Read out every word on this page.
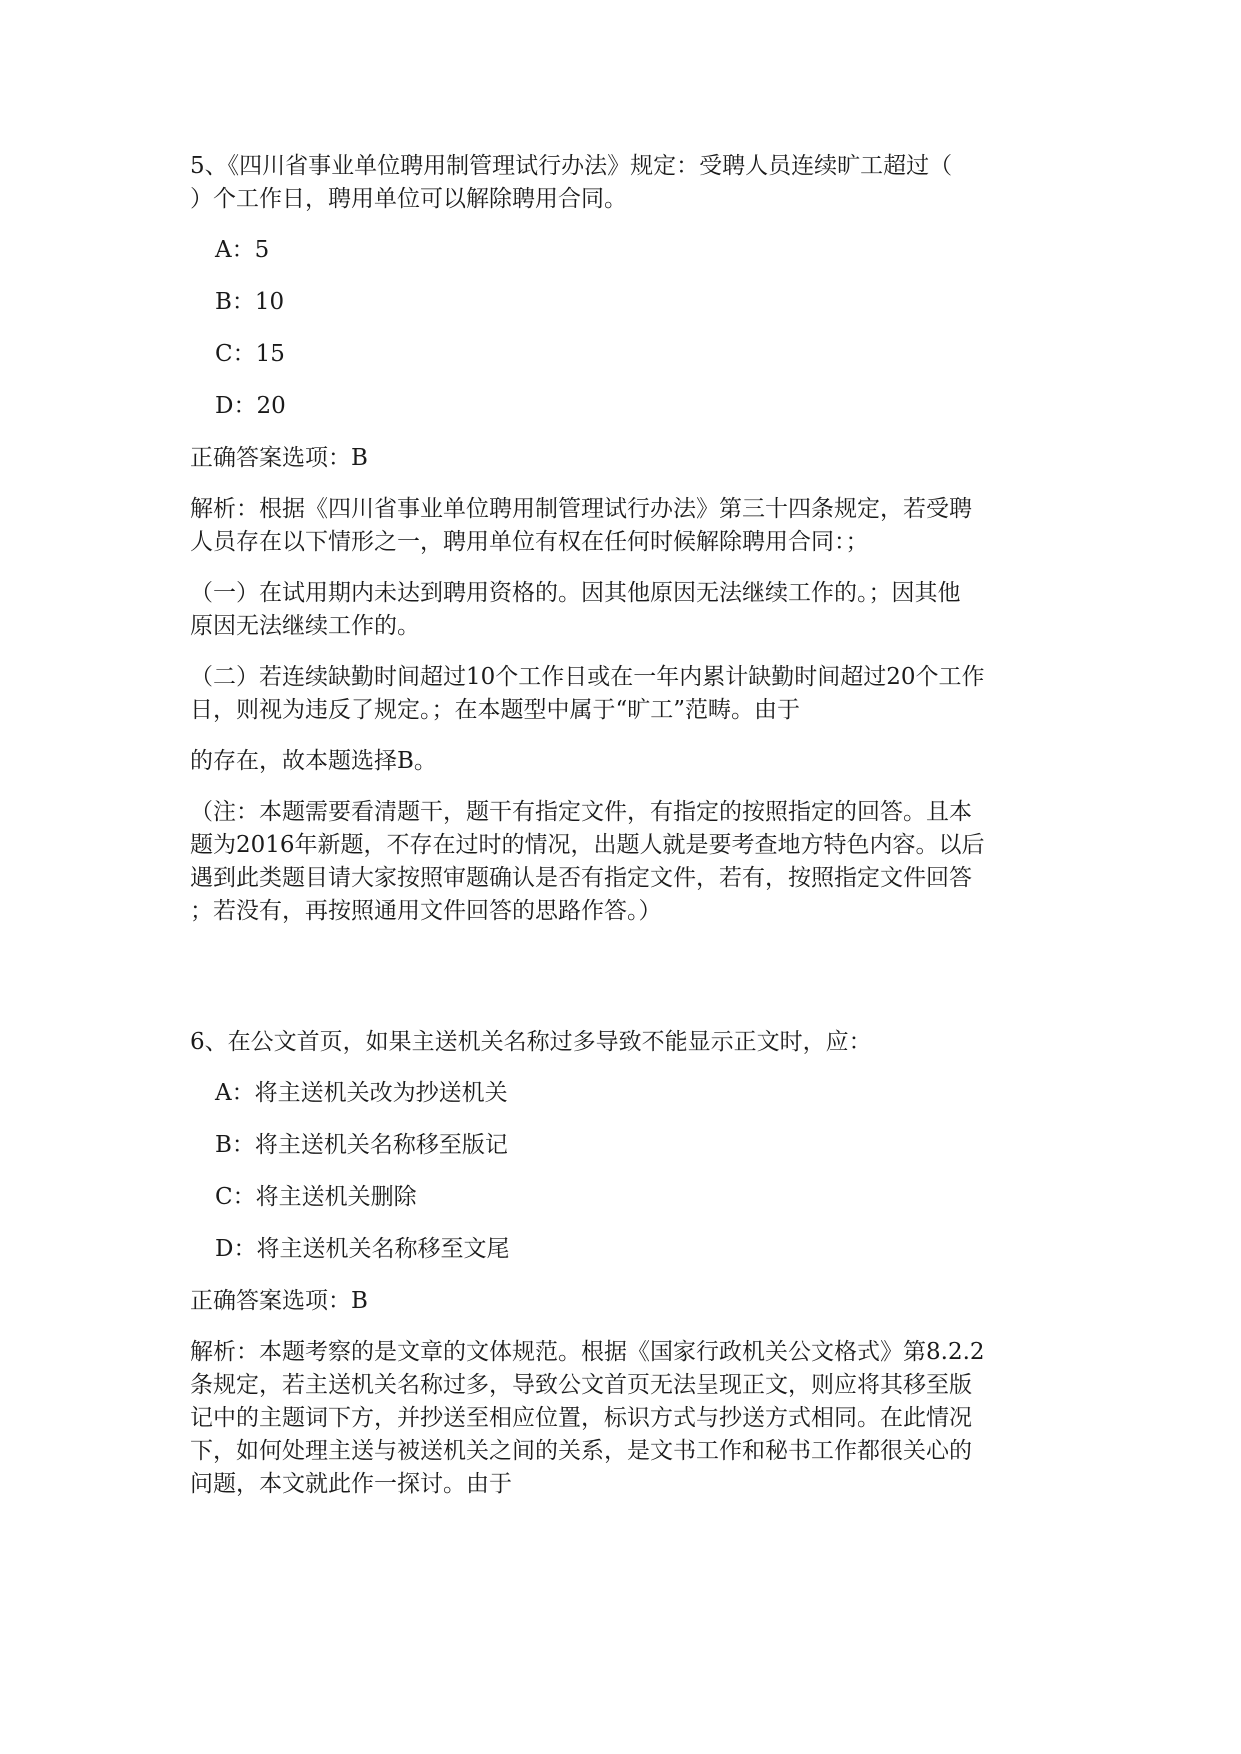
5、《四川省事业单位聘用制管理试行办法》规定：受聘人员连续旷工超过（

）个工作日，聘用单位可以解除聘用合同。

A：5

B：10

C：15

D：20

正确答案选项：B

解析：根据《四川省事业单位聘用制管理试行办法》第三十四条规定，若受聘

人员存在以下情形之一，聘用单位有权在任何时候解除聘用合同：；

（一）在试用期内未达到聘用资格的。因其他原因无法继续工作的。；因其他

原因无法继续工作的。

（二）若连续缺勤时间超过10个工作日或在一年内累计缺勤时间超过20个工作

日，则视为违反了规定。；在本题型中属于“旷工”范畴。由于

的存在，故本题选择B。

（注：本题需要看清题干，题干有指定文件，有指定的按照指定的回答。且本

题为2016年新题，不存在过时的情况，出题人就是要考查地方特色内容。以后

遇到此类题目请大家按照审题确认是否有指定文件，若有，按照指定文件回答

；若没有，再按照通用文件回答的思路作答。）

6、在公文首页，如果主送机关名称过多导致不能显示正文时，应：

A：将主送机关改为抄送机关

B：将主送机关名称移至版记

C：将主送机关删除

D：将主送机关名称移至文尾

正确答案选项：B

解析：本题考察的是文章的文体规范。根据《国家行政机关公文格式》第8.2.2

条规定，若主送机关名称过多，导致公文首页无法呈现正文，则应将其移至版

记中的主题词下方，并抄送至相应位置，标识方式与抄送方式相同。在此情况

下，如何处理主送与被送机关之间的关系，是文书工作和秘书工作都很关心的

问题，本文就此作一探讨。由于
